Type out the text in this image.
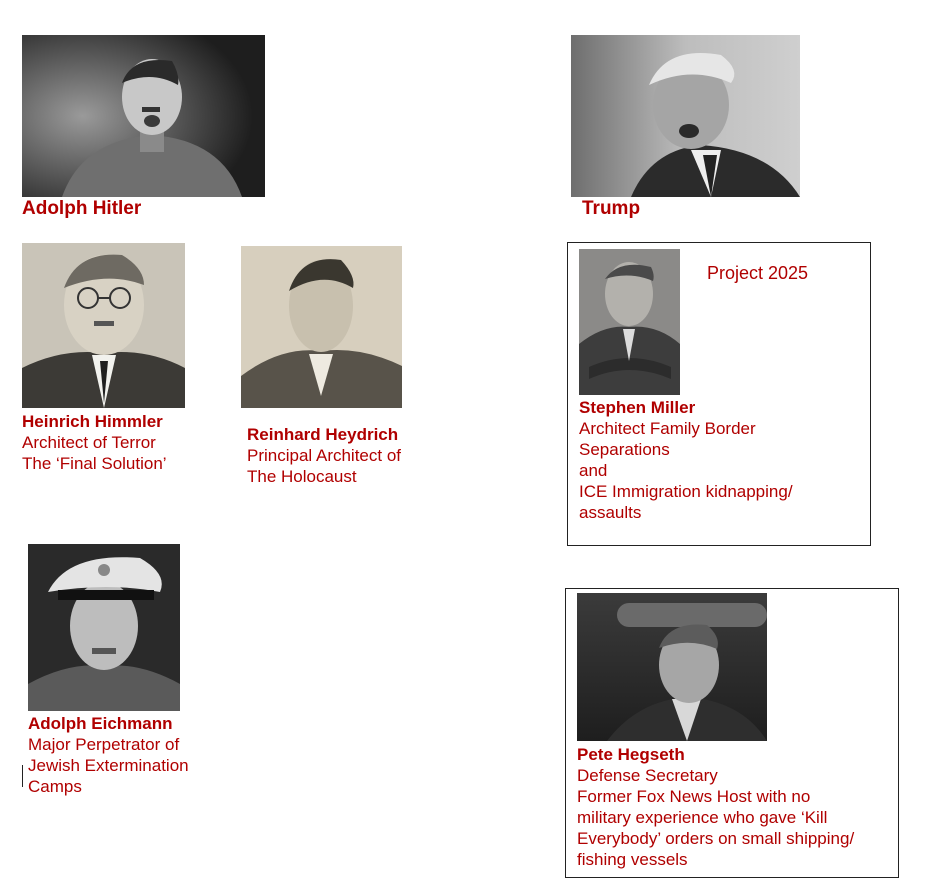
Adolph Hitler	Trump
Heinrich Himmler
Architect of Terror
The ‘Final Solution’
Reinhard Heydrich
Principal Architect of
The Holocaust
Project 2025
Stephen Miller
Architect Family Border
Separations
and
ICE Immigration kidnapping/
assaults
Adolph Eichmann
Major Perpetrator of
Jewish Extermination
Camps
Pete Hegseth
Defense Secretary
Former Fox News Host with no
military experience who gave ‘Kill
Everybody’ orders on small shipping/
fishing vessels
